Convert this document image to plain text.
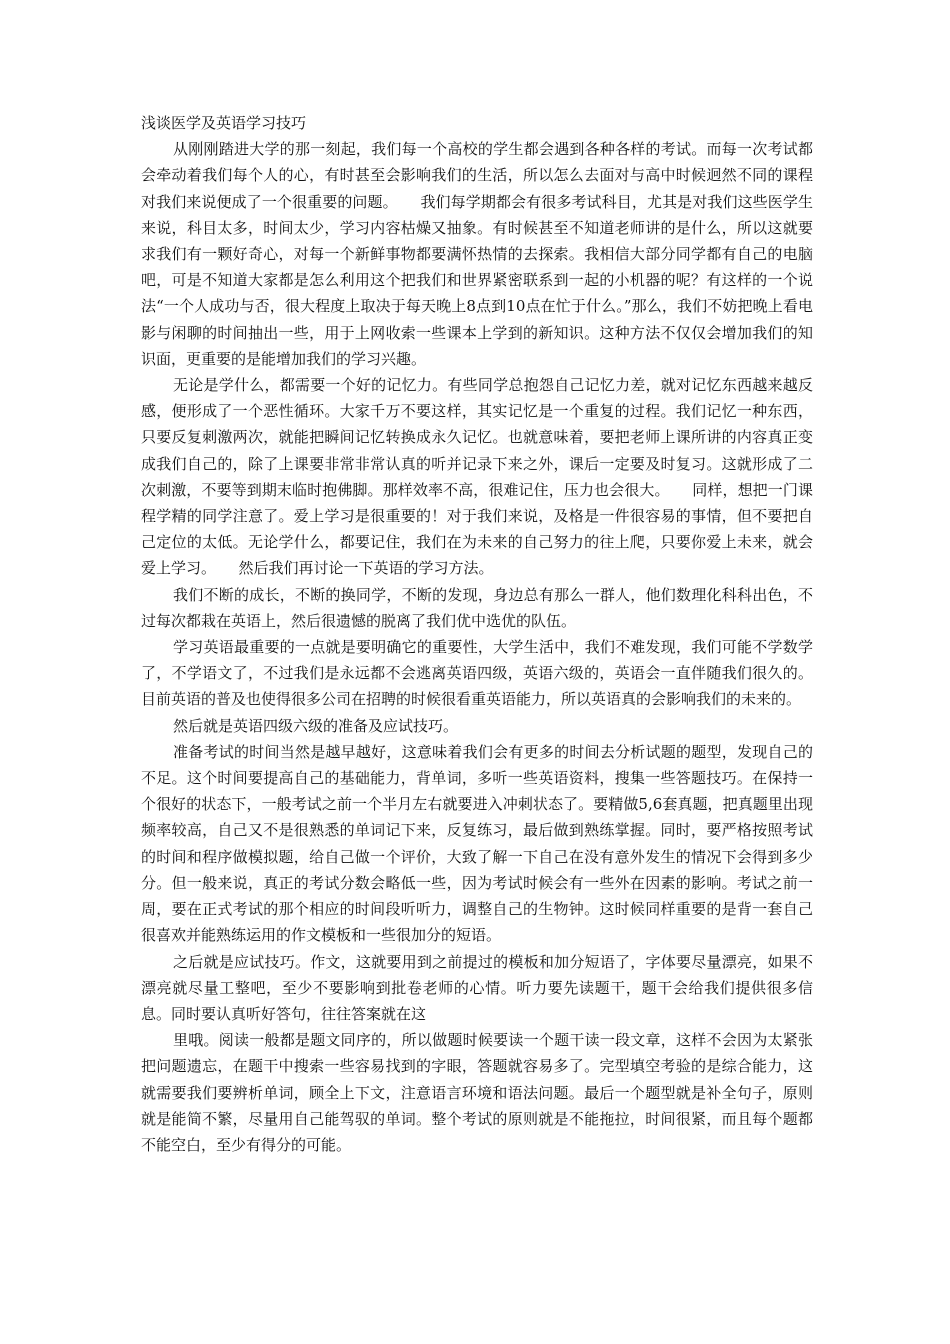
浅谈医学及英语学习技巧

从刚刚踏进大学的那一刻起，我们每一个高校的学生都会遇到各种各样的考试。而每一次考试都会牵动着我们每个人的心，有时甚至会影响我们的生活，所以怎么去面对与高中时候迥然不同的课程对我们来说便成了一个很重要的问题。　　我们每学期都会有很多考试科目，尤其是对我们这些医学生来说，科目太多，时间太少，学习内容枯燥又抽象。有时候甚至不知道老师讲的是什么，所以这就要求我们有一颗好奇心，对每一个新鲜事物都要满怀热情的去探索。我相信大部分同学都有自己的电脑吧，可是不知道大家都是怎么利用这个把我们和世界紧密联系到一起的小机器的呢？有这样的一个说法“一个人成功与否，很大程度上取决于每天晚上8点到10点在忙于什么。”那么，我们不妨把晚上看电影与闲聊的时间抽出一些，用于上网收索一些课本上学到的新知识。这种方法不仅仅会增加我们的知识面，更重要的是能增加我们的学习兴趣。

无论是学什么，都需要一个好的记忆力。有些同学总抱怨自己记忆力差，就对记忆东西越来越反感，便形成了一个恶性循环。大家千万不要这样，其实记忆是一个重复的过程。我们记忆一种东西，只要反复刺激两次，就能把瞬间记忆转换成永久记忆。也就意味着，要把老师上课所讲的内容真正变成我们自己的，除了上课要非常非常认真的听并记录下来之外，课后一定要及时复习。这就形成了二次刺激，不要等到期末临时抱佛脚。那样效率不高，很难记住，压力也会很大。　　同样，想把一门课程学精的同学注意了。爱上学习是很重要的！对于我们来说，及格是一件很容易的事情，但不要把自己定位的太低。无论学什么，都要记住，我们在为未来的自己努力的往上爬，只要你爱上未来，就会爱上学习。　　然后我们再讨论一下英语的学习方法。

我们不断的成长，不断的换同学，不断的发现，身边总有那么一群人，他们数理化科科出色，不过每次都栽在英语上，然后很遗憾的脱离了我们优中选优的队伍。

学习英语最重要的一点就是要明确它的重要性，大学生活中，我们不难发现，我们可能不学数学了，不学语文了，不过我们是永远都不会逃离英语四级，英语六级的，英语会一直伴随我们很久的。目前英语的普及也使得很多公司在招聘的时候很看重英语能力，所以英语真的会影响我们的未来的。

然后就是英语四级六级的准备及应试技巧。

准备考试的时间当然是越早越好，这意味着我们会有更多的时间去分析试题的题型，发现自己的不足。这个时间要提高自己的基础能力，背单词，多听一些英语资料，搜集一些答题技巧。在保持一个很好的状态下，一般考试之前一个半月左右就要进入冲刺状态了。要精做5,6套真题，把真题里出现频率较高，自己又不是很熟悉的单词记下来，反复练习，最后做到熟练掌握。同时，要严格按照考试的时间和程序做模拟题，给自己做一个评价，大致了解一下自己在没有意外发生的情况下会得到多少分。但一般来说，真正的考试分数会略低一些，因为考试时候会有一些外在因素的影响。考试之前一周，要在正式考试的那个相应的时间段听听力，调整自己的生物钟。这时候同样重要的是背一套自己很喜欢并能熟练运用的作文模板和一些很加分的短语。

之后就是应试技巧。作文，这就要用到之前提过的模板和加分短语了，字体要尽量漂亮，如果不漂亮就尽量工整吧，至少不要影响到批卷老师的心情。听力要先读题干，题干会给我们提供很多信息。同时要认真听好答句，往往答案就在这

里哦。阅读一般都是题文同序的，所以做题时候要读一个题干读一段文章，这样不会因为太紧张把问题遗忘，在题干中搜索一些容易找到的字眼，答题就容易多了。完型填空考验的是综合能力，这就需要我们要辨析单词，顾全上下文，注意语言环境和语法问题。最后一个题型就是补全句子，原则就是能简不繁，尽量用自己能驾驭的单词。整个考试的原则就是不能拖拉，时间很紧，而且每个题都不能空白，至少有得分的可能。
